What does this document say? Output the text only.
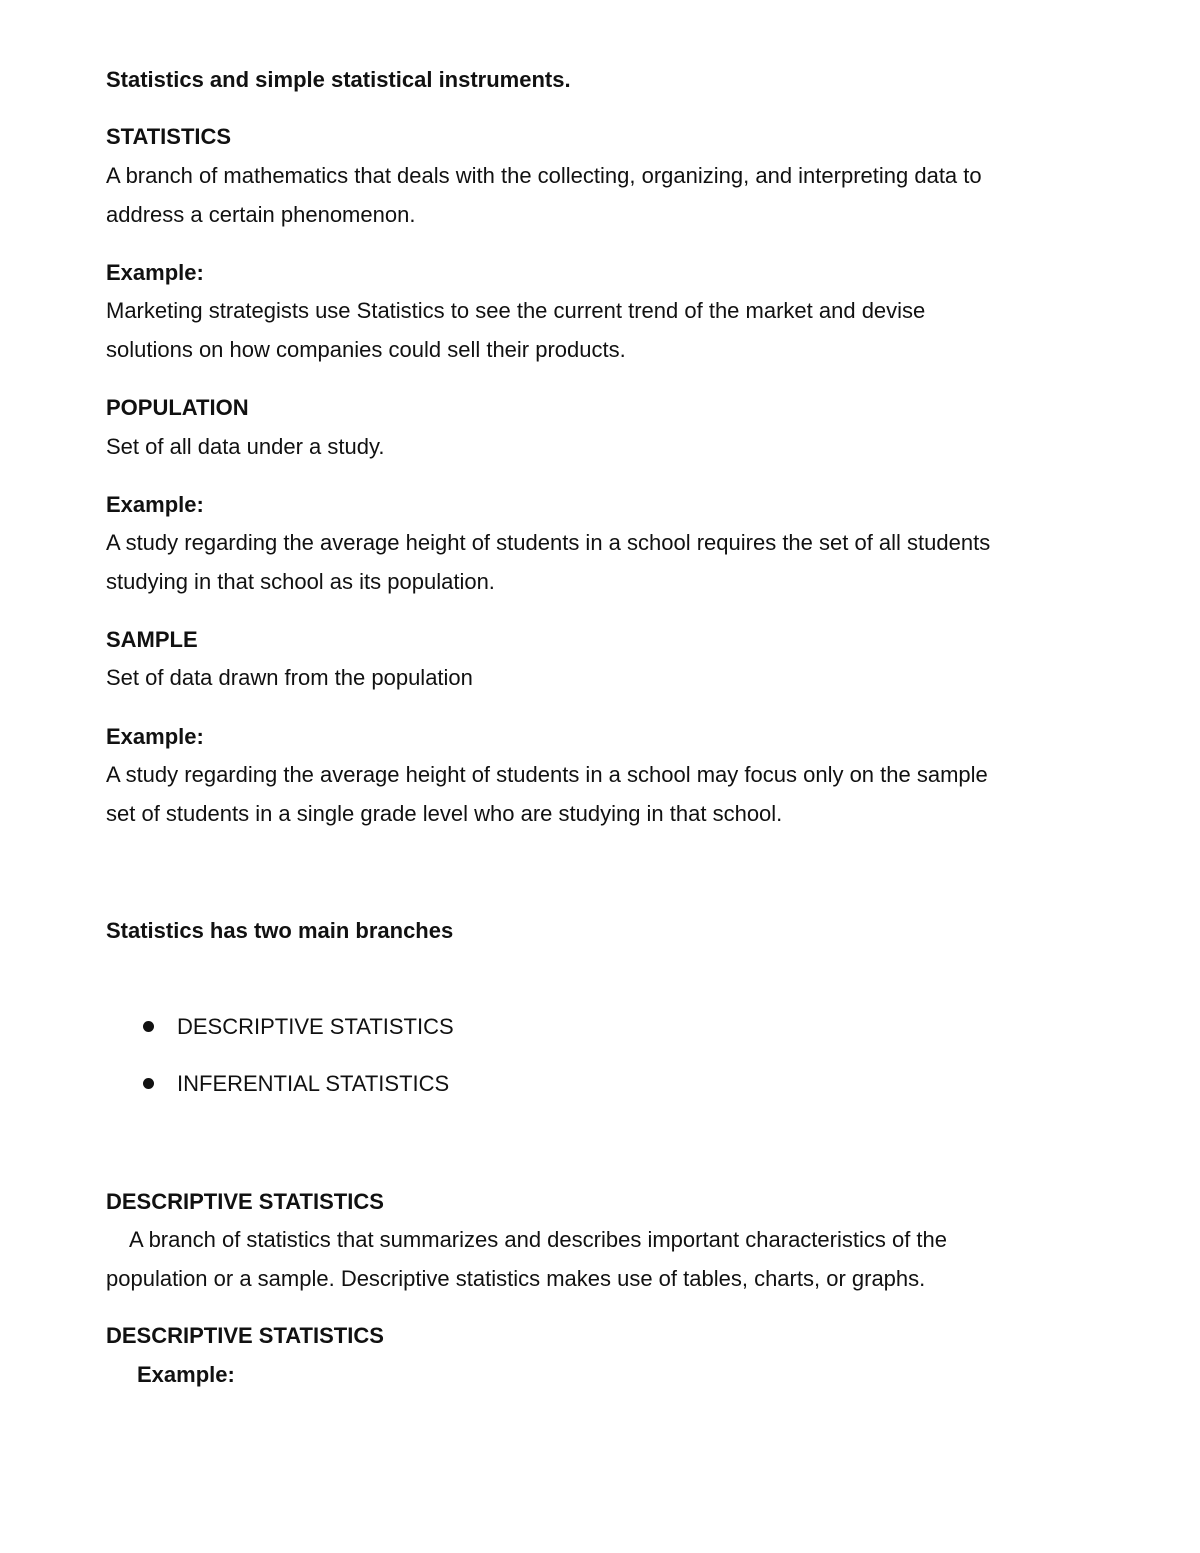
Statistics and simple statistical instruments.
STATISTICS
A branch of mathematics that deals with the collecting, organizing, and interpreting data to
address a certain phenomenon.
Example:
Marketing strategists use Statistics to see the current trend of the market and devise
solutions on how companies could sell their products.
POPULATION
Set of all data under a study.
Example:
A study regarding the average height of students in a school requires the set of all students
studying in that school as its population.
SAMPLE
Set of data drawn from the population
Example:
A study regarding the average height of students in a school may focus only on the sample
set of students in a single grade level who are studying in that school.
Statistics has two main branches
DESCRIPTIVE STATISTICS
INFERENTIAL STATISTICS
DESCRIPTIVE STATISTICS
A branch of statistics that summarizes and describes important characteristics of the
population or a sample. Descriptive statistics makes use of tables, charts, or graphs.
DESCRIPTIVE STATISTICS
Example:
